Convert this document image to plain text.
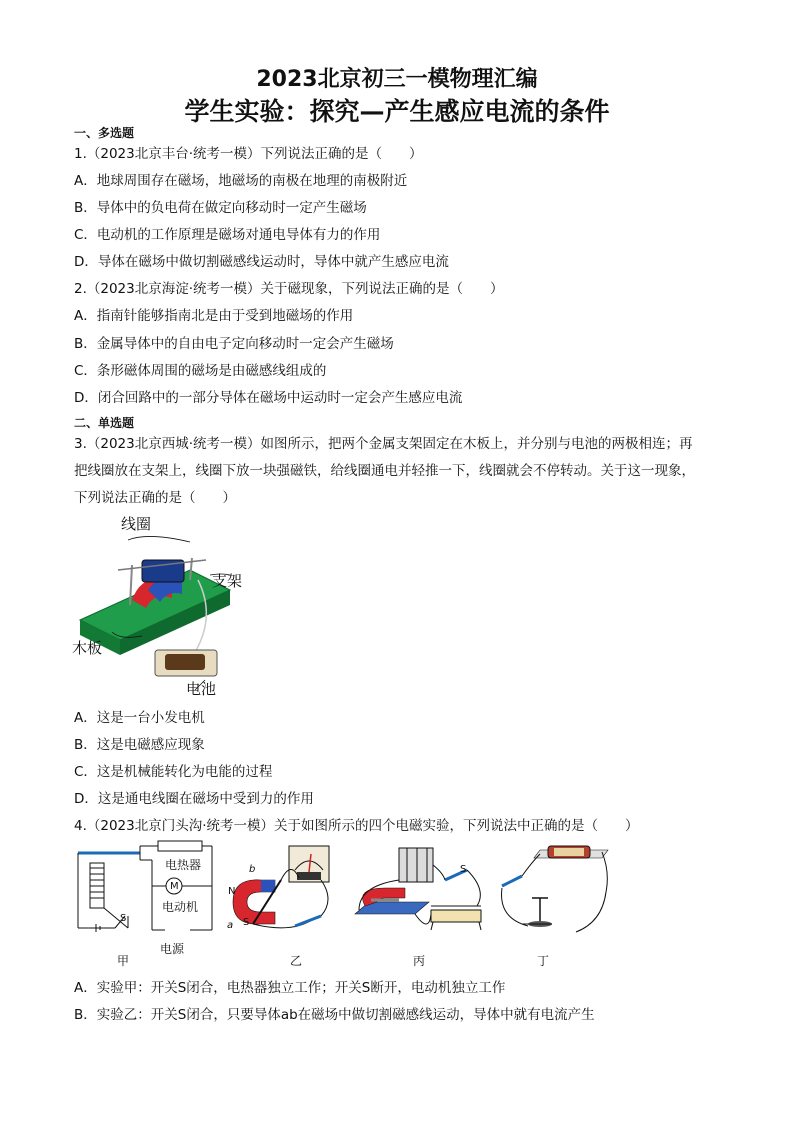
2023北京初三一模物理汇编
学生实验：探究—产生感应电流的条件
一、多选题
1.（2023北京丰台·统考一模）下列说法正确的是（　　）
A．地球周围存在磁场，地磁场的南极在地理的南极附近
B．导体中的负电荷在做定向移动时一定产生磁场
C．电动机的工作原理是磁场对通电导体有力的作用
D．导体在磁场中做切割磁感线运动时，导体中就产生感应电流
2.（2023北京海淀·统考一模）关于磁现象，下列说法正确的是（　　）
A．指南针能够指南北是由于受到地磁场的作用
B．金属导体中的自由电子定向移动时一定会产生磁场
C．条形磁体周围的磁场是由磁感线组成的
D．闭合回路中的一部分导体在磁场中运动时一定会产生感应电流
二、单选题
3.（2023北京西城·统考一模）如图所示，把两个金属支架固定在木板上，并分别与电池的两极相连；再
把线圈放在支架上，线圈下放一块强磁铁，给线圈通电并轻推一下，线圈就会不停转动。关于这一现象，
下列说法正确的是（　　）
线圈
支架
木板
电池
A．这是一台小发电机
B．这是电磁感应现象
C．这是机械能转化为电能的过程
D．这是通电线圈在磁场中受到力的作用
4.（2023北京门头沟·统考一模）关于如图所示的四个电磁实验，下列说法中正确的是（　　）
电热器
M
电动机
S
电源
甲
b
N
S
a
乙
S
丙	丁
A．实验甲：开关S闭合，电热器独立工作；开关S断开，电动机独立工作
B．实验乙：开关S闭合，只要导体ab在磁场中做切割磁感线运动，导体中就有电流产生
